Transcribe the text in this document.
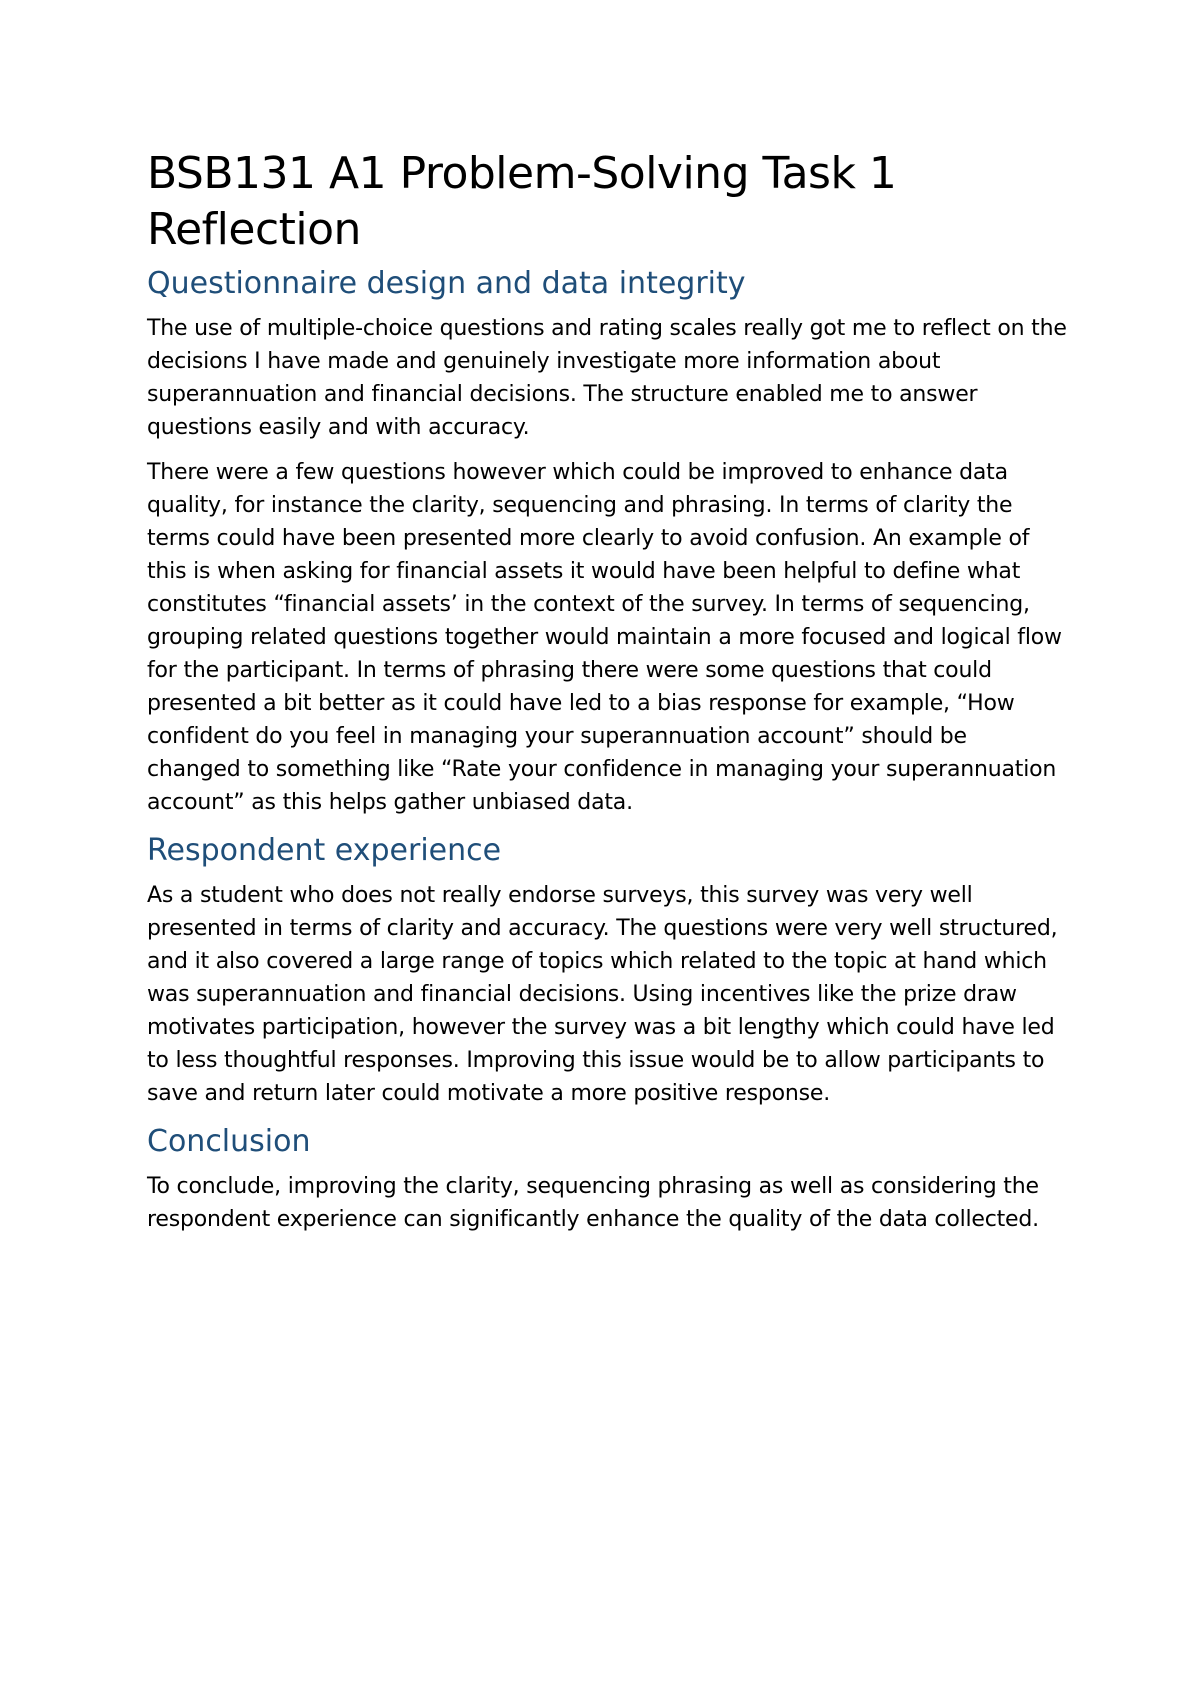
BSB131 A1 Problem-Solving Task 1 Reflection
Questionnaire design and data integrity

The use of multiple-choice questions and rating scales really got me to reflect on the decisions I have made and genuinely investigate more information about superannuation and financial decisions. The structure enabled me to answer questions easily and with accuracy.

There were a few questions however which could be improved to enhance data quality, for instance the clarity, sequencing and phrasing. In terms of clarity the terms could have been presented more clearly to avoid confusion. An example of this is when asking for financial assets it would have been helpful to define what constitutes “financial assets’ in the context of the survey. In terms of sequencing, grouping related questions together would maintain a more focused and logical flow for the participant. In terms of phrasing there were some questions that could presented a bit better as it could have led to a bias response for example, “How confident do you feel in managing your superannuation account” should be changed to something like “Rate your confidence in managing your superannuation account” as this helps gather unbiased data.

Respondent experience

As a student who does not really endorse surveys, this survey was very well presented in terms of clarity and accuracy. The questions were very well structured, and it also covered a large range of topics which related to the topic at hand which was superannuation and financial decisions. Using incentives like the prize draw motivates participation, however the survey was a bit lengthy which could have led to less thoughtful responses. Improving this issue would be to allow participants to save and return later could motivate a more positive response.

Conclusion

To conclude, improving the clarity, sequencing phrasing as well as considering the respondent experience can significantly enhance the quality of the data collected.
